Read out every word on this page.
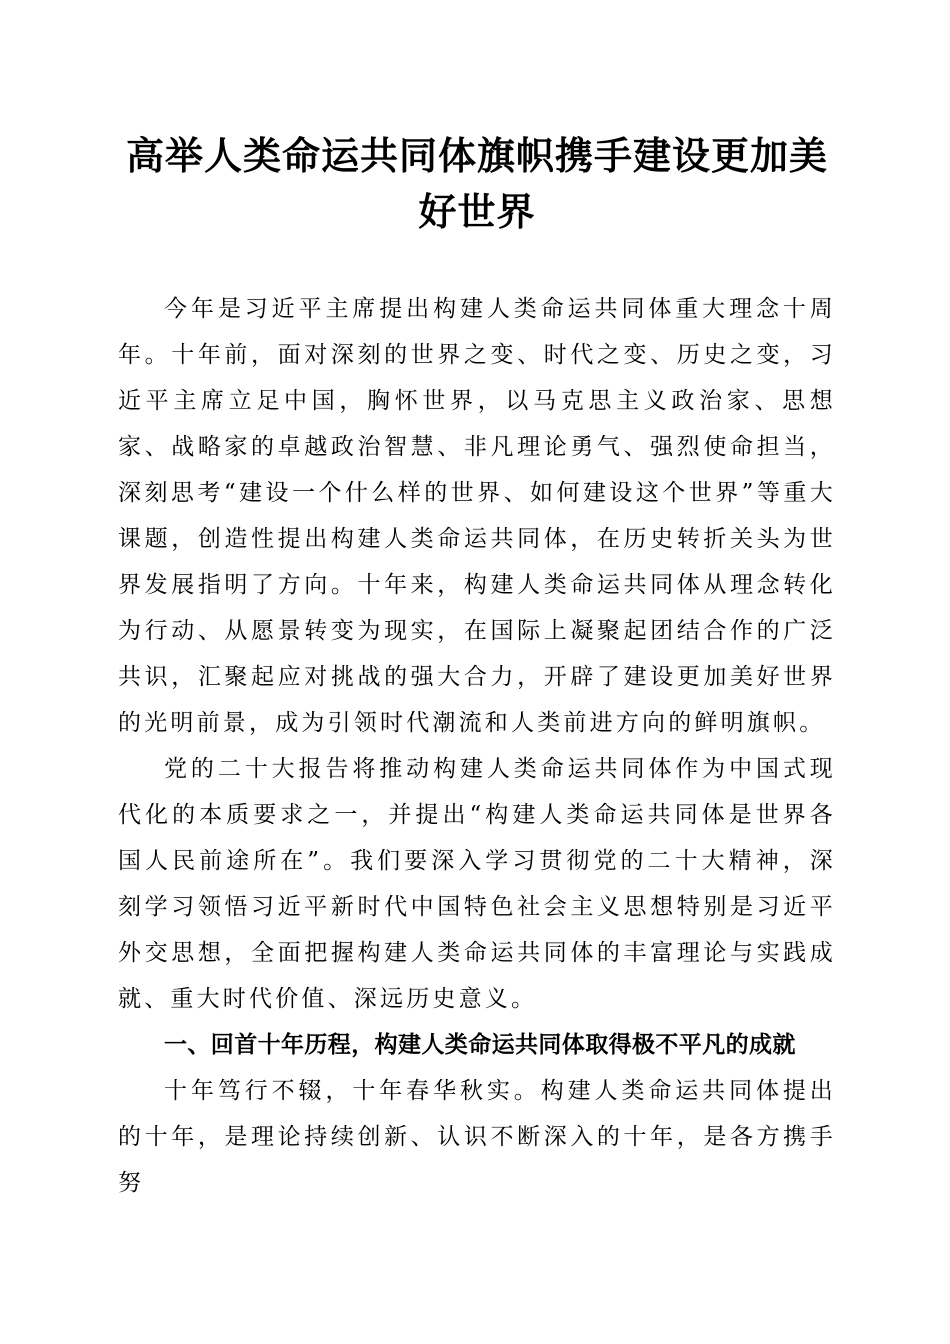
高举人类命运共同体旗帜携手建设更加美好世界

今年是习近平主席提出构建人类命运共同体重大理念十周年。十年前，面对深刻的世界之变、时代之变、历史之变，习近平主席立足中国，胸怀世界，以马克思主义政治家、思想家、战略家的卓越政治智慧、非凡理论勇气、强烈使命担当，深刻思考“建设一个什么样的世界、如何建设这个世界”等重大课题，创造性提出构建人类命运共同体，在历史转折关头为世界发展指明了方向。十年来，构建人类命运共同体从理念转化为行动、从愿景转变为现实，在国际上凝聚起团结合作的广泛共识，汇聚起应对挑战的强大合力，开辟了建设更加美好世界的光明前景，成为引领时代潮流和人类前进方向的鲜明旗帜。

党的二十大报告将推动构建人类命运共同体作为中国式现代化的本质要求之一，并提出“构建人类命运共同体是世界各国人民前途所在”。我们要深入学习贯彻党的二十大精神，深刻学习领悟习近平新时代中国特色社会主义思想特别是习近平外交思想，全面把握构建人类命运共同体的丰富理论与实践成就、重大时代价值、深远历史意义。

一、回首十年历程，构建人类命运共同体取得极不平凡的成就

十年笃行不辍，十年春华秋实。构建人类命运共同体提出的十年，是理论持续创新、认识不断深入的十年，是各方携手努
